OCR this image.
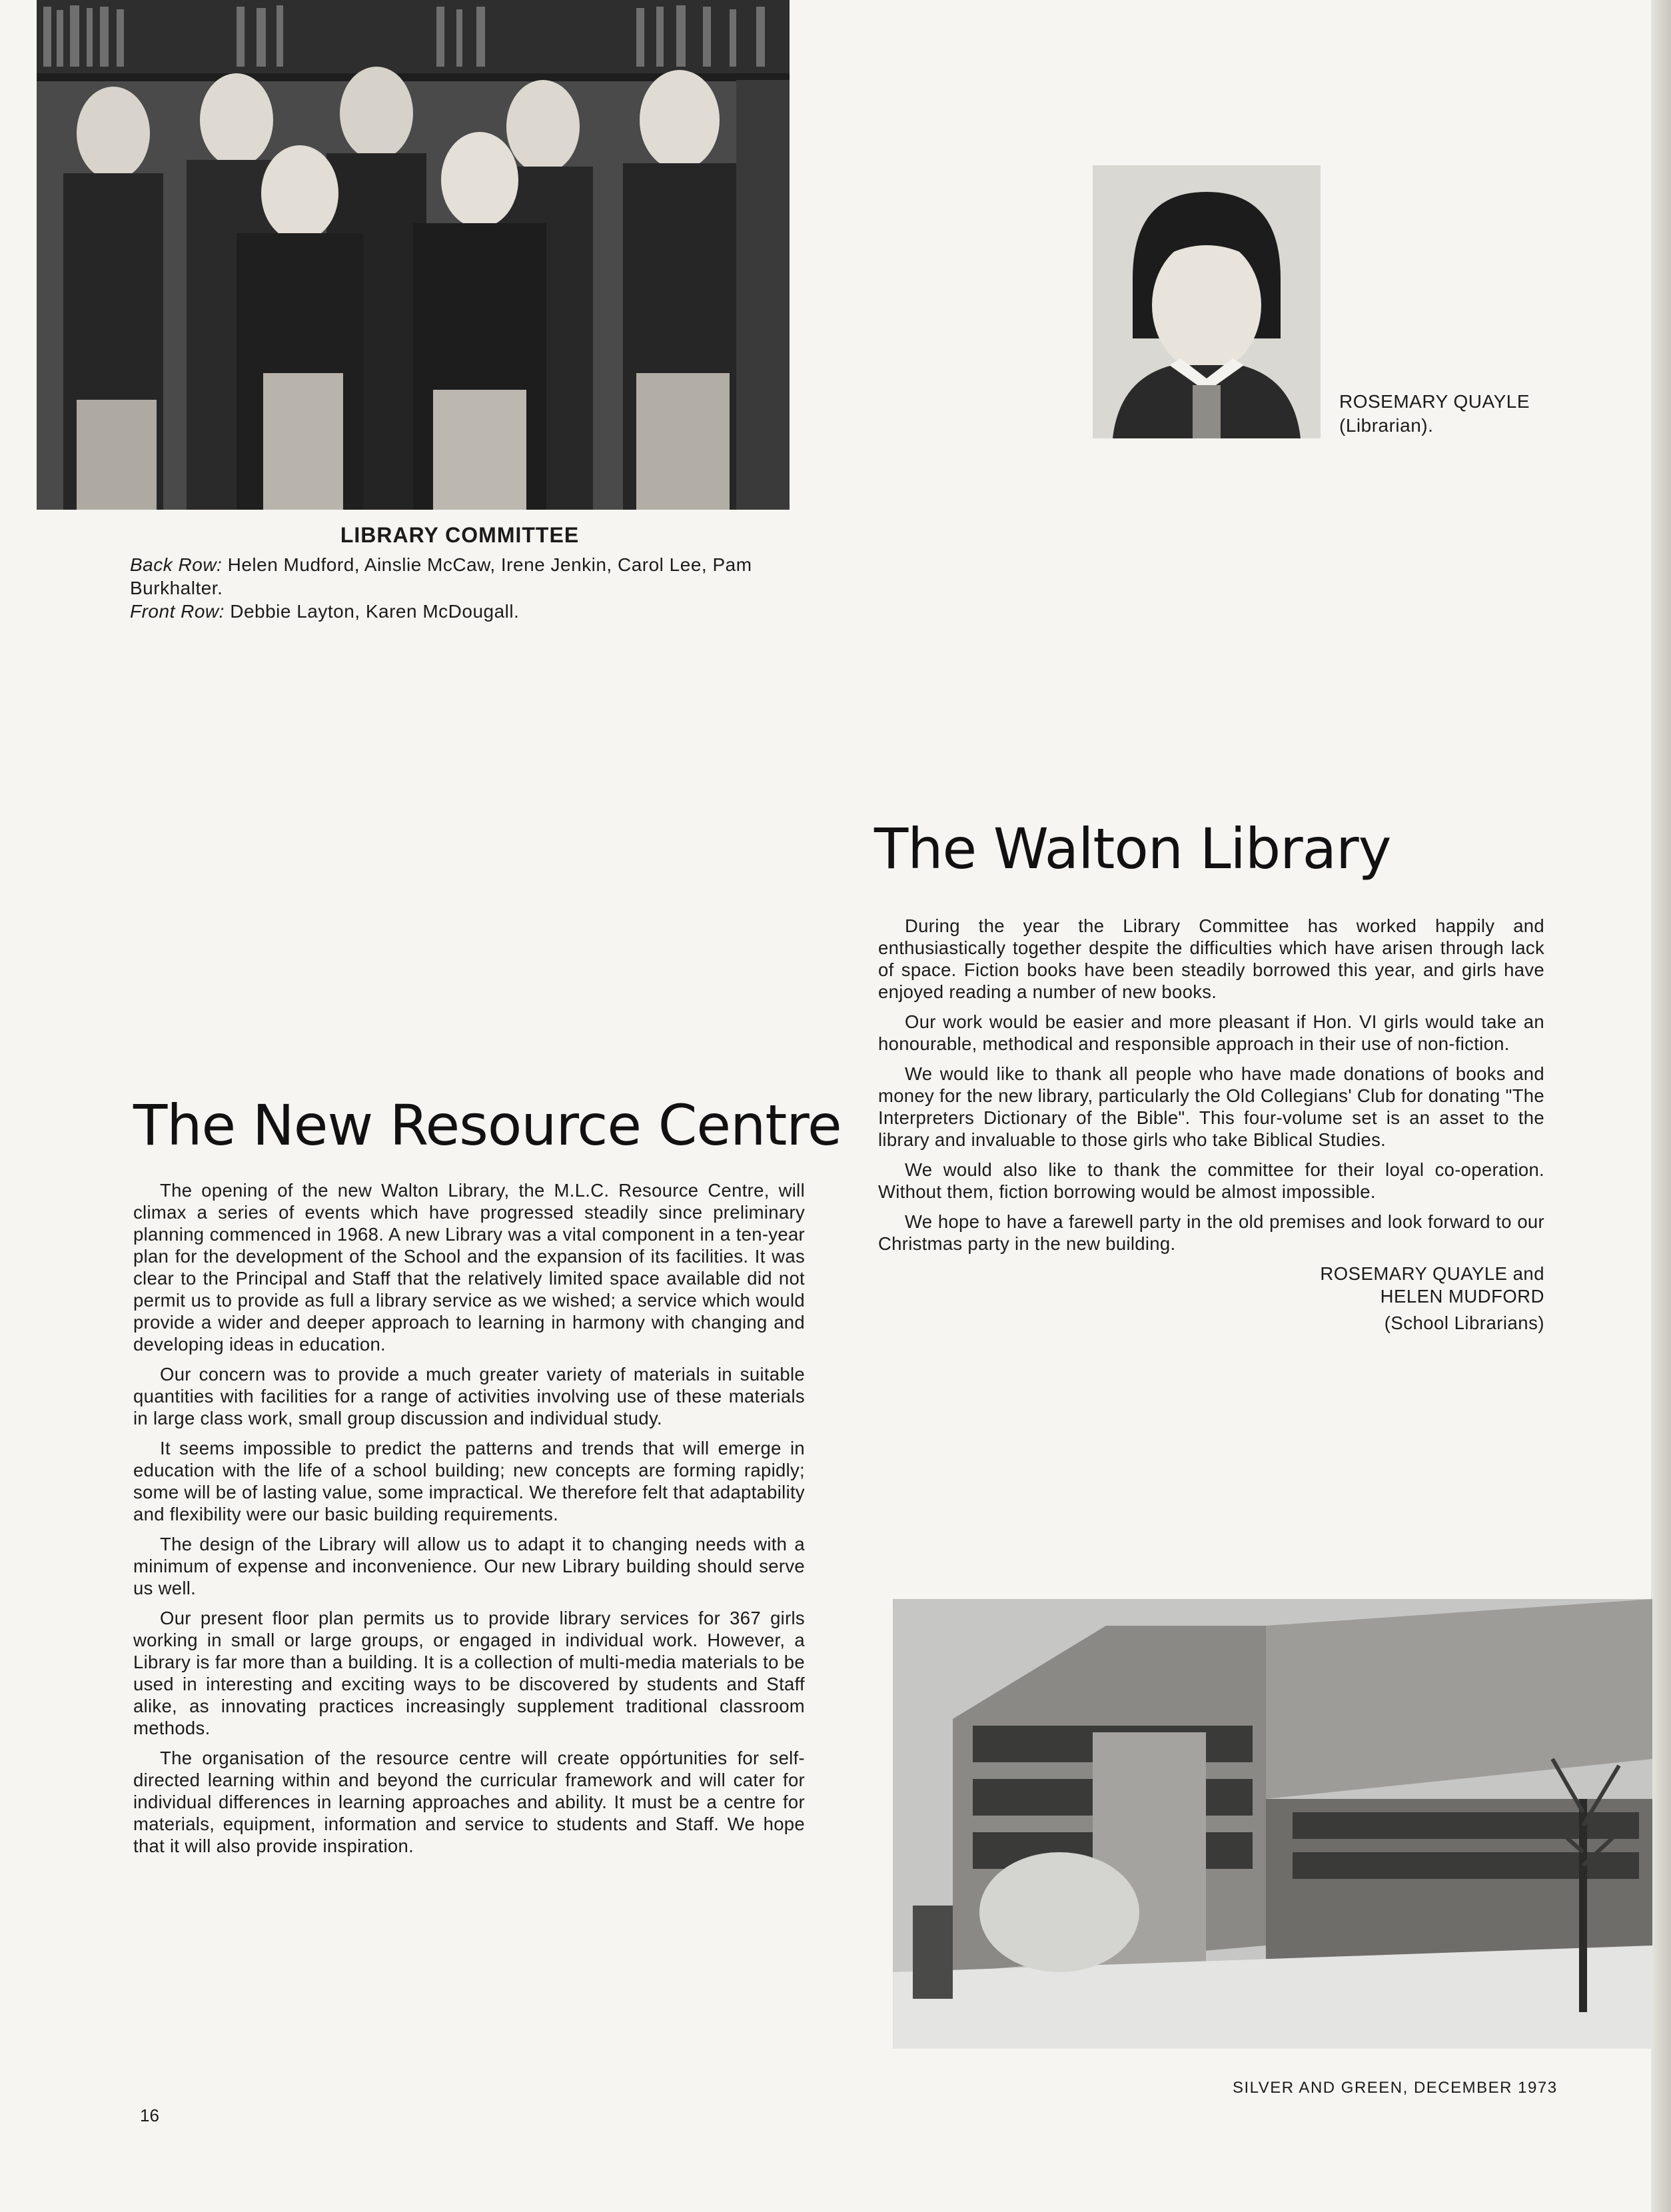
LIBRARY COMMITTEE
Back Row: Helen Mudford, Ainslie McCaw, Irene Jenkin, Carol Lee, Pam Burkhalter.
Front Row: Debbie Layton, Karen McDougall.
ROSEMARY QUAYLE
(Librarian).
The Walton Library

During the year the Library Committee has worked happily and enthusiastically together despite the difficulties which have arisen through lack of space. Fiction books have been steadily borrowed this year, and girls have enjoyed reading a number of new books.

Our work would be easier and more pleasant if Hon. VI girls would take an honourable, methodical and responsible approach in their use of non-fiction.

We would like to thank all people who have made donations of books and money for the new library, particularly the Old Collegians' Club for donating "The Interpreters Dictionary of the Bible". This four-volume set is an asset to the library and invaluable to those girls who take Biblical Studies.

We would also like to thank the committee for their loyal co-operation. Without them, fiction borrowing would be almost impossible.

We hope to have a farewell party in the old premises and look forward to our Christmas party in the new building.

ROSEMARY QUAYLE and
HELEN MUDFORD
(School Librarians)
The New Resource Centre

The opening of the new Walton Library, the M.L.C. Resource Centre, will climax a series of events which have progressed steadily since preliminary planning commenced in 1968. A new Library was a vital component in a ten-year plan for the development of the School and the expansion of its facilities. It was clear to the Principal and Staff that the relatively limited space available did not permit us to provide as full a library service as we wished; a service which would provide a wider and deeper approach to learning in harmony with changing and developing ideas in education.

Our concern was to provide a much greater variety of materials in suitable quantities with facilities for a range of activities involving use of these materials in large class work, small group discussion and individual study.

It seems impossible to predict the patterns and trends that will emerge in education with the life of a school building; new concepts are forming rapidly; some will be of lasting value, some impractical. We therefore felt that adaptability and flexibility were our basic building requirements.

The design of the Library will allow us to adapt it to changing needs with a minimum of expense and inconvenience. Our new Library building should serve us well.

Our present floor plan permits us to provide library services for 367 girls working in small or large groups, or engaged in individual work. However, a Library is far more than a building. It is a collection of multi-media materials to be used in interesting and exciting ways to be discovered by students and Staff alike, as innovating practices increasingly supplement traditional classroom methods.

The organisation of the resource centre will create oppórtunities for self-directed learning within and beyond the curricular framework and will cater for individual differences in learning approaches and ability. It must be a centre for materials, equipment, information and service to students and Staff. We hope that it will also provide inspiration.

16
SILVER AND GREEN, DECEMBER 1973
